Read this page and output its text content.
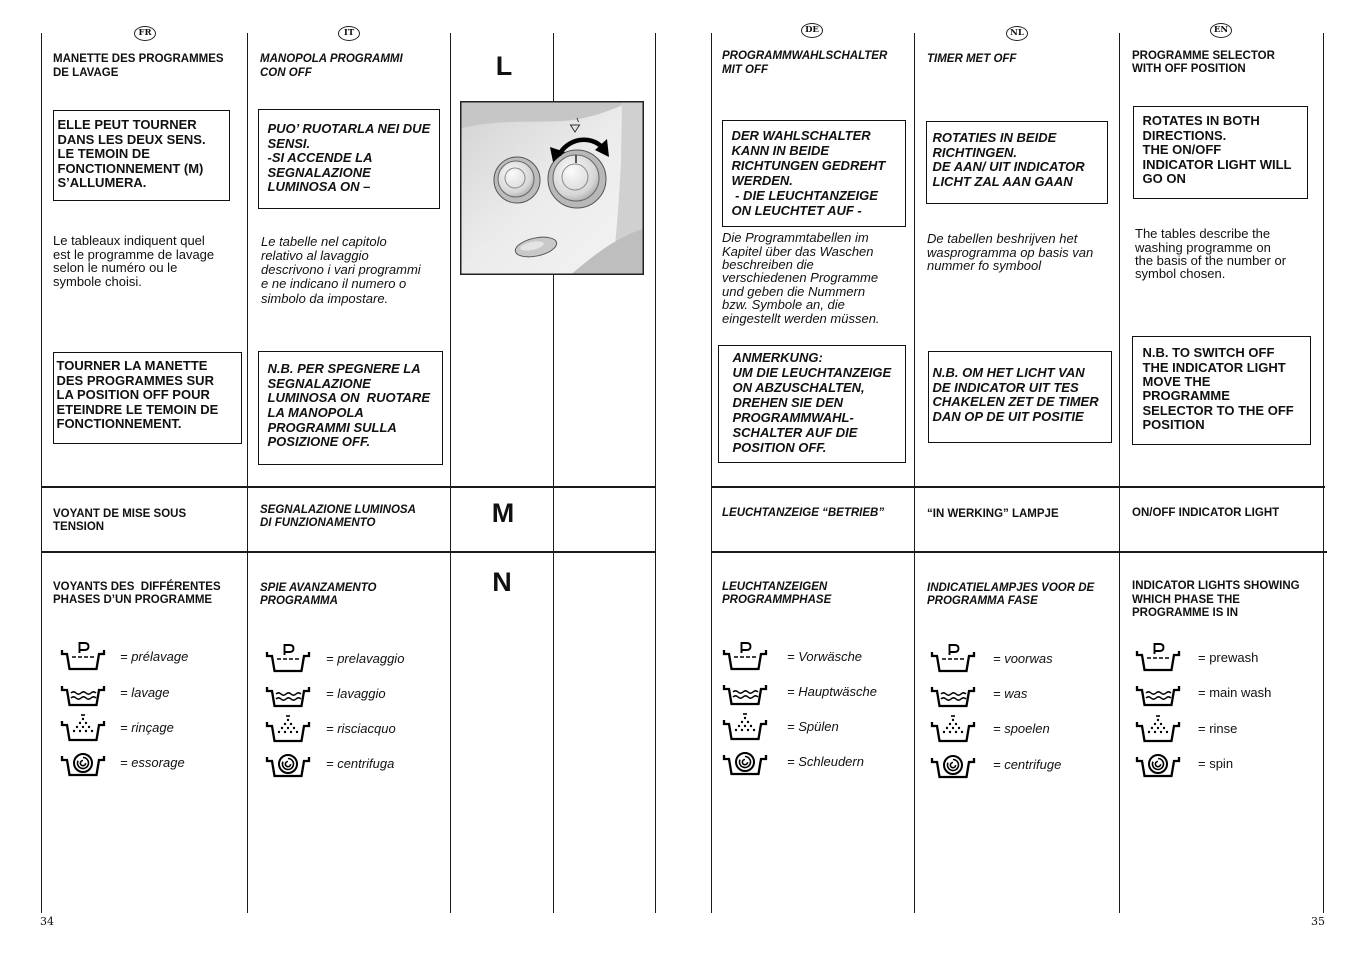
L
M
N
34	35
FR
MANETTE DES PROGRAMMES
DE LAVAGE
ELLE PEUT TOURNER
DANS LES DEUX SENS.
LE TEMOIN DE
FONCTIONNEMENT (M)
S’ALLUMERA.
Le tableaux indiquent quel
est le programme de lavage
selon le numéro ou le
symbole choisi.
TOURNER LA MANETTE
DES PROGRAMMES SUR
LA POSITION OFF POUR
ETEINDRE LE TEMOIN DE
FONCTIONNEMENT.
VOYANT DE MISE SOUS
TENSION
VOYANTS DES  DIFFÉRENTES
PHASES D’UN PROGRAMME
= prélavage
= lavage
= rinçage
= essorage
IT
MANOPOLA PROGRAMMI
CON OFF
PUO’ RUOTARLA NEI DUE
SENSI.
-SI ACCENDE LA
SEGNALAZIONE
LUMINOSA ON –
Le tabelle nel capitolo
relativo al lavaggio
descrivono i vari programmi
e ne indicano il numero o
simbolo da impostare.
N.B. PER SPEGNERE LA
SEGNALAZIONE
LUMINOSA ON  RUOTARE
LA MANOPOLA
PROGRAMMI SULLA
POSIZIONE OFF.
SEGNALAZIONE LUMINOSA
DI FUNZIONAMENTO
SPIE AVANZAMENTO
PROGRAMMA
= prelavaggio
= lavaggio
= risciacquo
= centrifuga
DE
PROGRAMMWAHLSCHALTER
MIT OFF
DER WAHLSCHALTER
KANN IN BEIDE
RICHTUNGEN GEDREHT
WERDEN.
- DIE LEUCHTANZEIGE
ON LEUCHTET AUF -
Die Programmtabellen im
Kapitel über das Waschen
beschreiben die
verschiedenen Programme
und geben die Nummern
bzw. Symbole an, die
eingestellt werden müssen.
ANMERKUNG:
UM DIE LEUCHTANZEIGE
ON ABZUSCHALTEN,
DREHEN SIE DEN
PROGRAMMWAHL-
SCHALTER AUF DIE
POSITION OFF.
LEUCHTANZEIGE “BETRIEB”
LEUCHTANZEIGEN
PROGRAMMPHASE
= Vorwäsche
= Hauptwäsche
= Spülen
= Schleudern
NL
TIMER MET OFF
ROTATIES IN BEIDE
RICHTINGEN.
DE AAN/ UIT INDICATOR
LICHT ZAL AAN GAAN
De tabellen beshrijven het
wasprogramma op basis van
nummer fo symbool
N.B. OM HET LICHT VAN
DE INDICATOR UIT TES
CHAKELEN ZET DE TIMER
DAN OP DE UIT POSITIE
“IN WERKING” LAMPJE
INDICATIELAMPJES VOOR DE
PROGRAMMA FASE
= voorwas
= was
= spoelen
= centrifuge
EN
PROGRAMME SELECTOR
WITH OFF POSITION
ROTATES IN BOTH
DIRECTIONS.
THE ON/OFF
INDICATOR LIGHT WILL
GO ON
The tables describe the
washing programme on
the basis of the number or
symbol chosen.
N.B. TO SWITCH OFF
THE INDICATOR LIGHT
MOVE THE
PROGRAMME
SELECTOR TO THE OFF
POSITION
ON/OFF INDICATOR LIGHT
INDICATOR LIGHTS SHOWING
WHICH PHASE THE
PROGRAMME IS IN
= prewash
= main wash
= rinse
= spin
